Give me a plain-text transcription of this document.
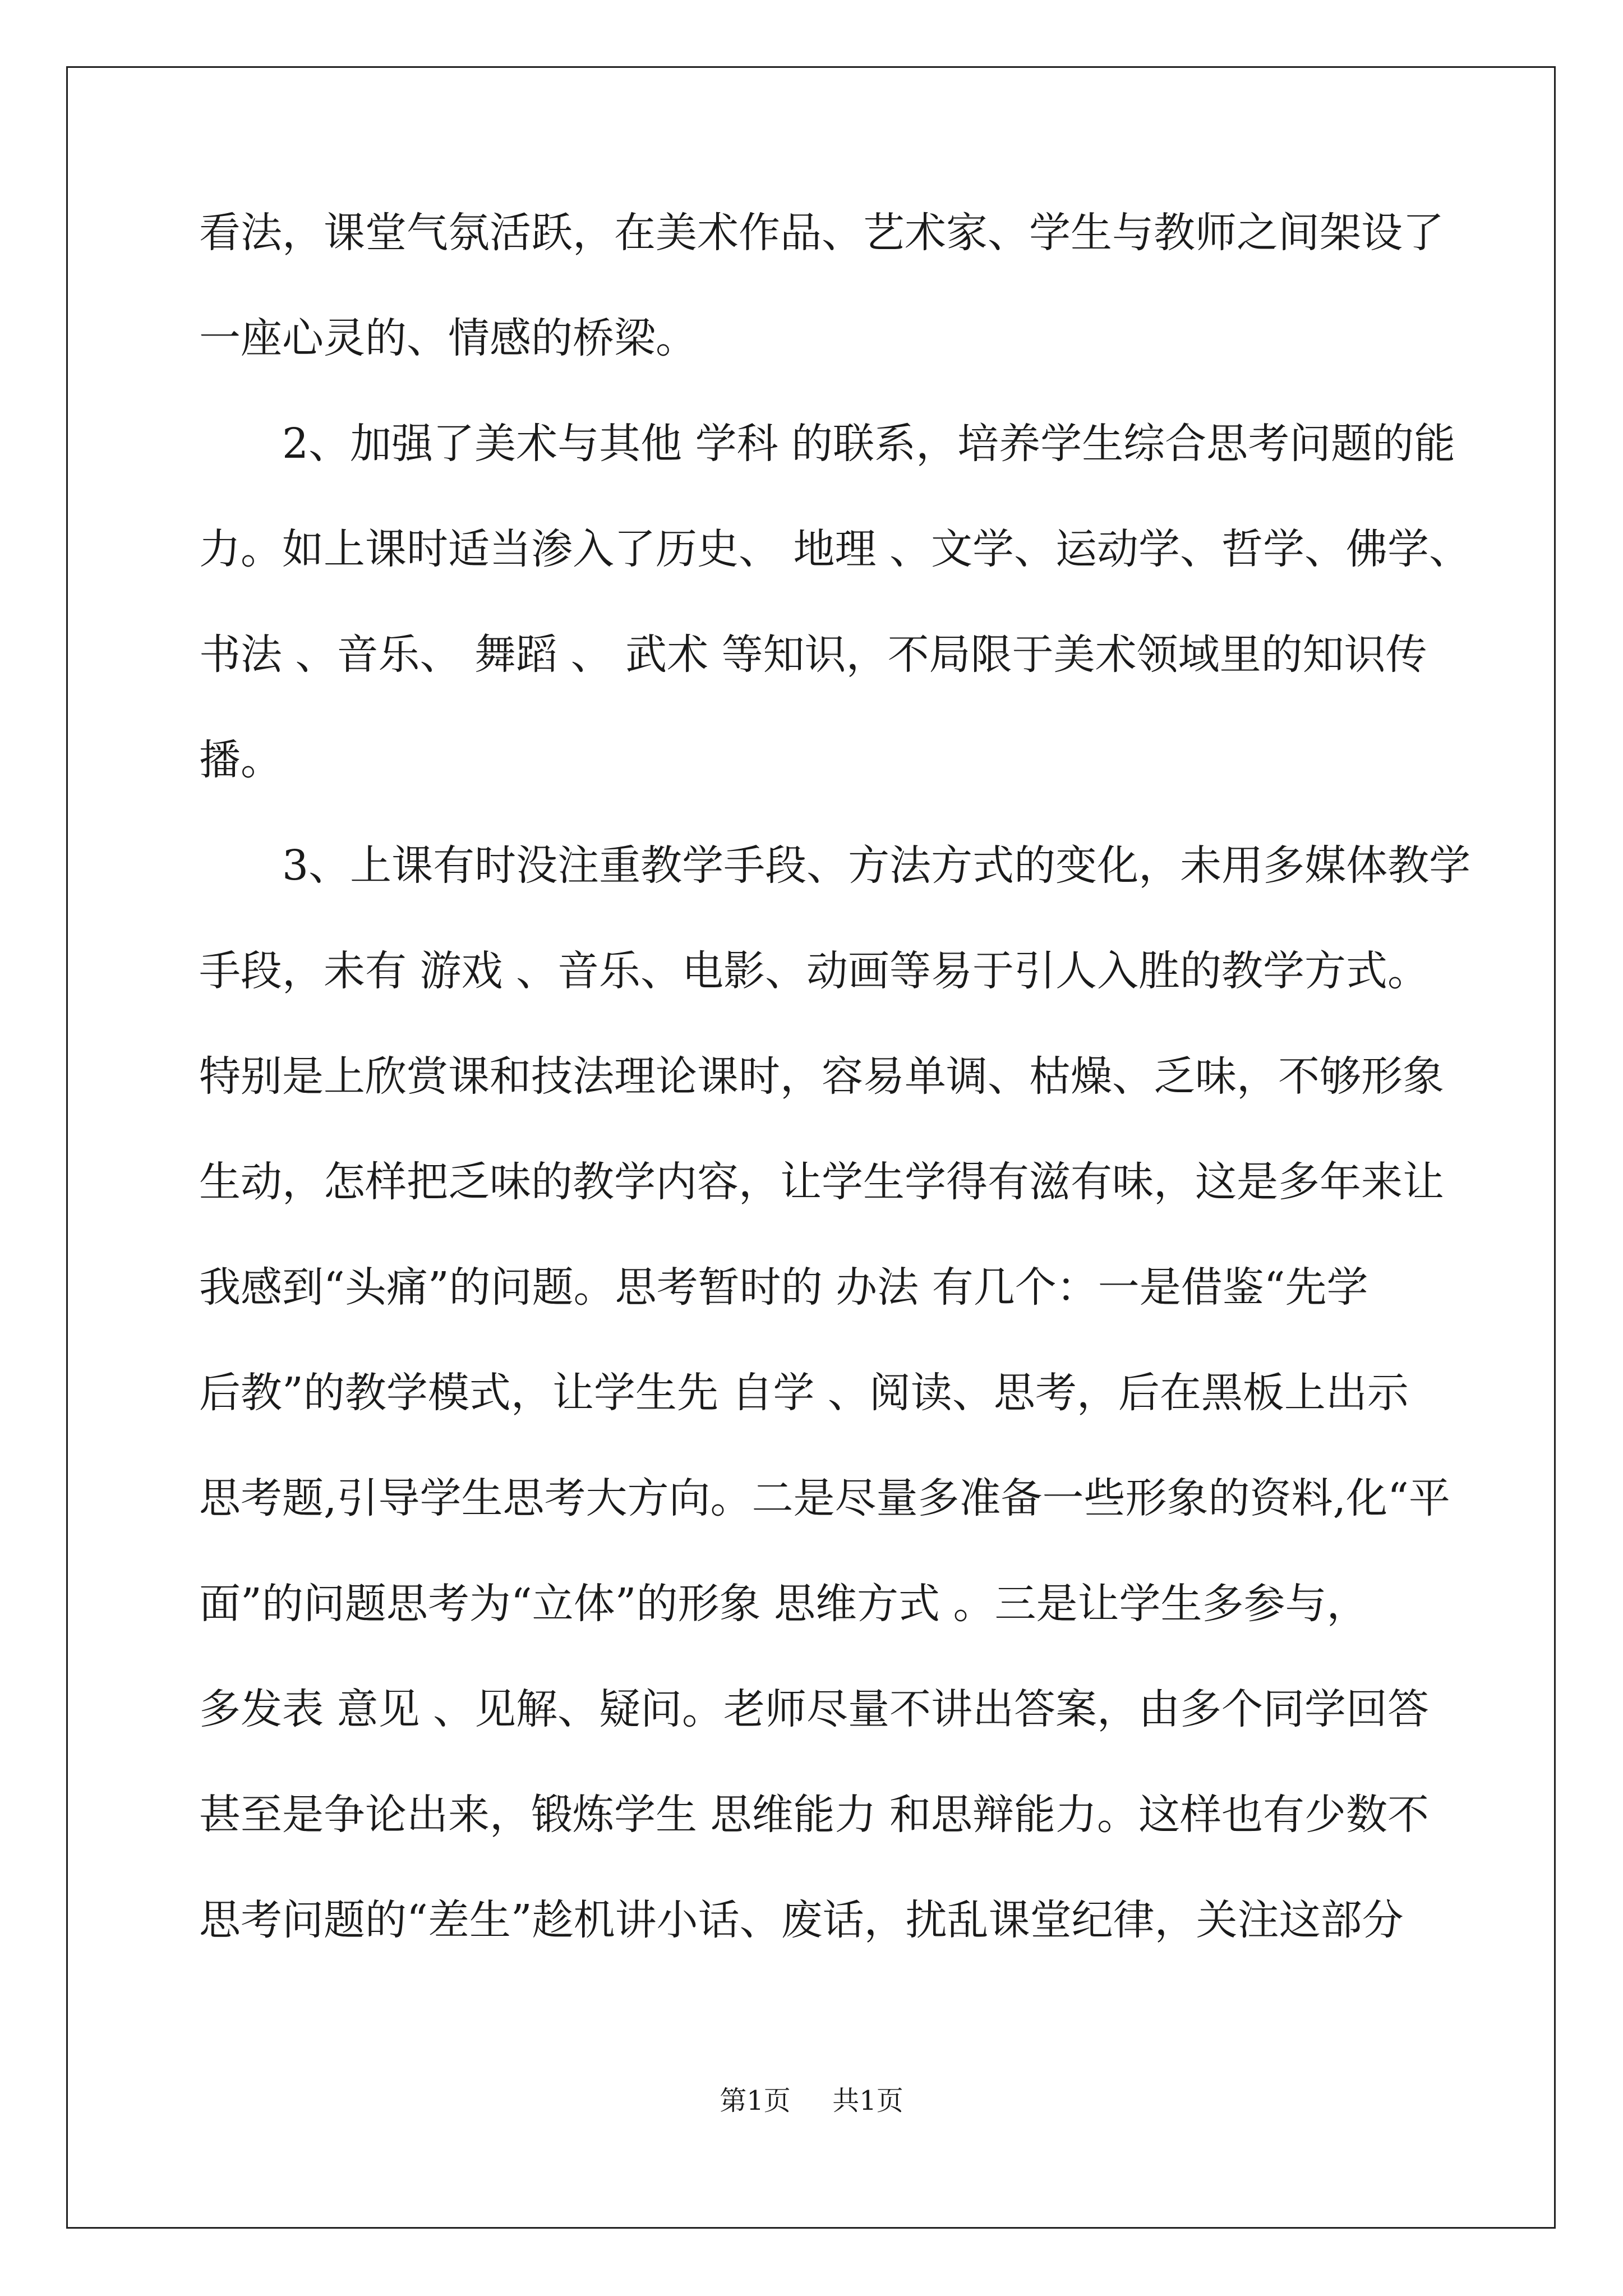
看法，课堂气氛活跃，在美术作品、艺术家、学生与教师之间架设了
一座心灵的、情感的桥梁。
2、加强了美术与其他 学科 的联系，培养学生综合思考问题的能
力。如上课时适当渗入了历史、 地理 、文学、运动学、哲学、佛学、
书法 、音乐、 舞蹈 、 武术 等知识，不局限于美术领域里的知识传
播。
3、上课有时没注重教学手段、方法方式的变化，未用多媒体教学
手段，未有 游戏 、音乐、电影、动画等易于引人入胜的教学方式。
特别是上欣赏课和技法理论课时，容易单调、枯燥、乏味，不够形象
生动，怎样把乏味的教学内容，让学生学得有滋有味，这是多年来让
我感到“头痛”的问题。思考暂时的 办法 有几个：一是借鉴“先学
后教”的教学模式，让学生先 自学 、阅读、思考，后在黑板上出示
思考题,引导学生思考大方向。二是尽量多准备一些形象的资料,化“平
面”的问题思考为“立体”的形象 思维方式 。三是让学生多参与，
多发表 意见 、见解、疑问。老师尽量不讲出答案，由多个同学回答
甚至是争论出来，锻炼学生 思维能力 和思辩能力。这样也有少数不
思考问题的“差生”趁机讲小话、废话，扰乱课堂纪律，关注这部分
第1页 共1页
